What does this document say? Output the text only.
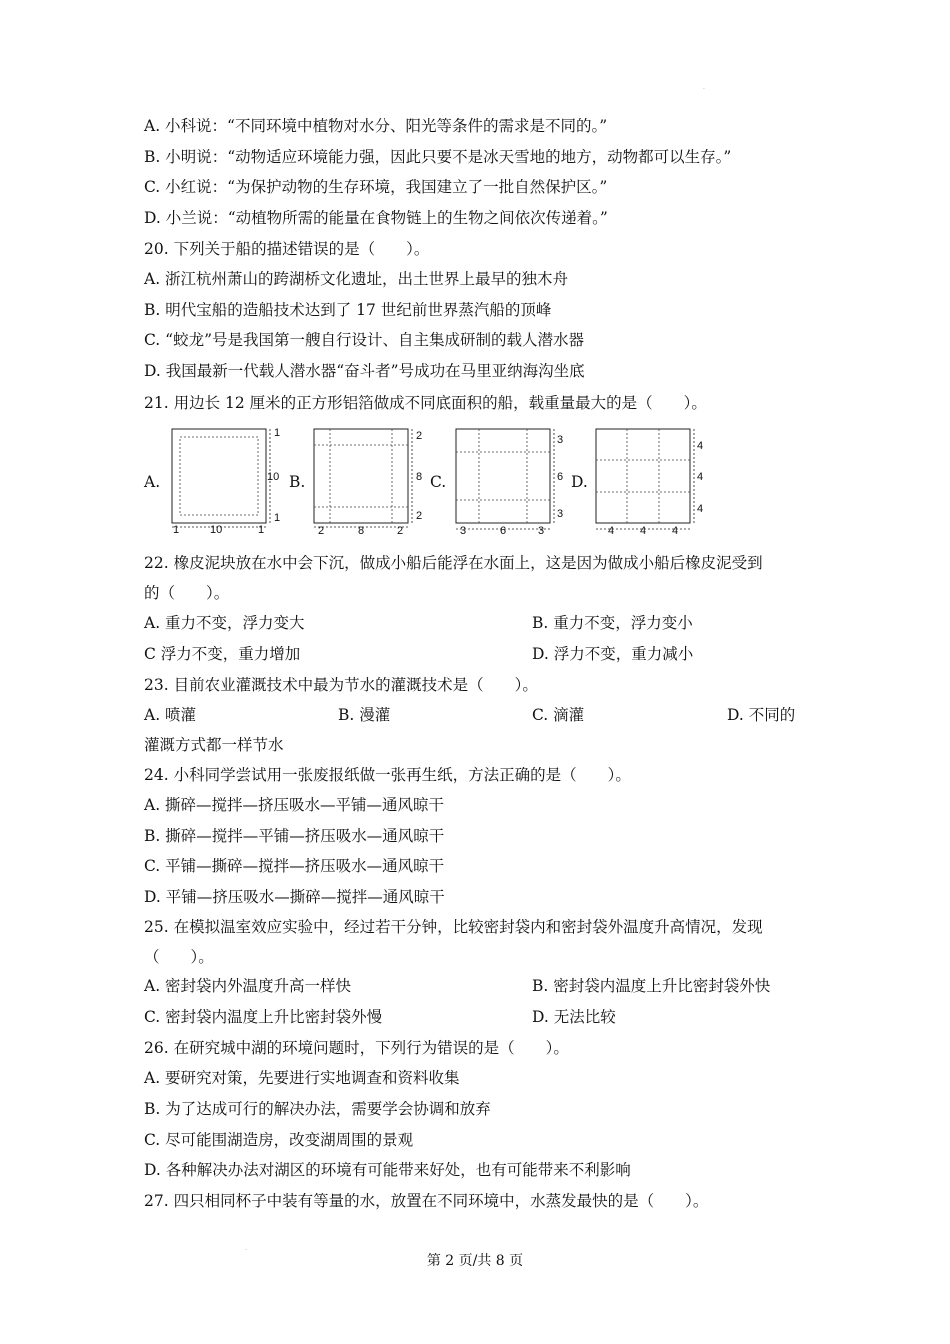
·
A. 小科说：“不同环境中植物对水分、阳光等条件的需求是不同的。”
B. 小明说：“动物适应环境能力强，因此只要不是冰天雪地的地方，动物都可以生存。”
C. 小红说：“为保护动物的生存环境，我国建立了一批自然保护区。”
D. 小兰说：“动植物所需的能量在食物链上的生物之间依次传递着。”
20. 下列关于船的描述错误的是（　　）。
A. 浙江杭州萧山的跨湖桥文化遗址，出土世界上最早的独木舟
B. 明代宝船的造船技术达到了 17 世纪前世界蒸汽船的顶峰
C. “蛟龙”号是我国第一艘自行设计、自主集成研制的载人潜水器
D. 我国最新一代载人潜水器“奋斗者”号成功在马里亚纳海沟坐底
21. 用边长 12 厘米的正方形铝箔做成不同底面积的船，载重量最大的是（　　）。
A.
1
10
1
1	10	1
B.
2
8
2
2	8	2
C.
3
6
3
3	6	3
D.
4
4
4
4 4 4
22. 橡皮泥块放在水中会下沉，做成小船后能浮在水面上，这是因为做成小船后橡皮泥受到
的（　　）。
A. 重力不变，浮力变大	B. 重力不变，浮力变小
C 浮力不变，重力增加	D. 浮力不变，重力减小
23. 目前农业灌溉技术中最为节水的灌溉技术是（　　）。
A. 喷灌	B. 漫灌	C. 滴灌	D. 不同的
灌溉方式都一样节水
24. 小科同学尝试用一张废报纸做一张再生纸，方法正确的是（　　）。
A. 撕碎—搅拌—挤压吸水—平铺—通风晾干
B. 撕碎—搅拌—平铺—挤压吸水—通风晾干
C. 平铺—撕碎—搅拌—挤压吸水—通风晾干
D. 平铺—挤压吸水—撕碎—搅拌—通风晾干
25. 在模拟温室效应实验中，经过若干分钟，比较密封袋内和密封袋外温度升高情况，发现
（　　）。
A. 密封袋内外温度升高一样快	B. 密封袋内温度上升比密封袋外快
C. 密封袋内温度上升比密封袋外慢	D. 无法比较
26. 在研究城中湖的环境问题时，下列行为错误的是（　　）。
A. 要研究对策，先要进行实地调查和资料收集
B. 为了达成可行的解决办法，需要学会协调和放弃
C. 尽可能围湖造房，改变湖周围的景观
D. 各种解决办法对湖区的环境有可能带来好处，也有可能带来不利影响
27. 四只相同杯子中装有等量的水，放置在不同环境中，水蒸发最快的是（　　）。
·
第 2 页/共 8 页
